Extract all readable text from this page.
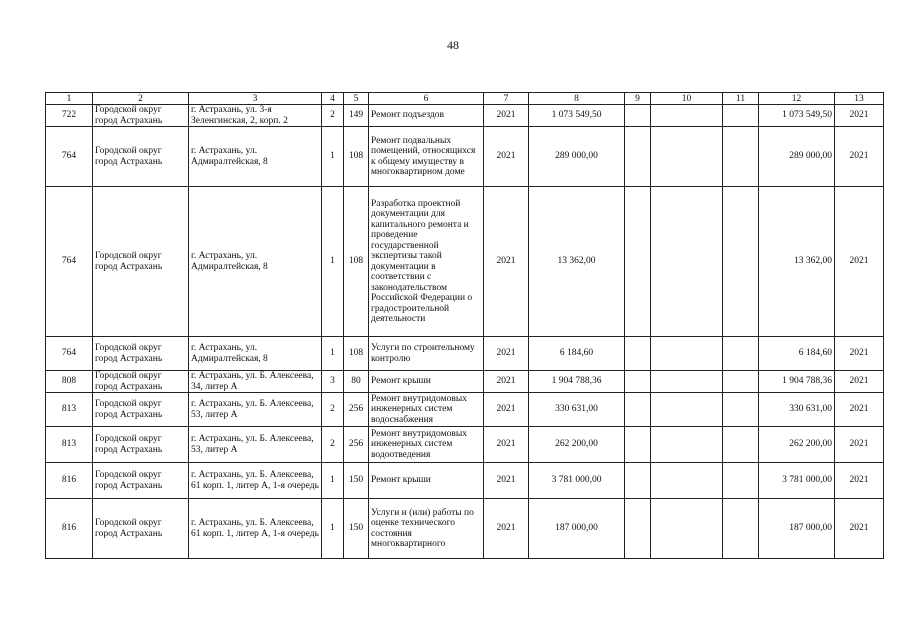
48
1	2	3	4	5	6	7	8	9	10	11	12	13
722	Городской округ город Астрахань	г. Астрахань, ул. 3-я Зеленгинская, 2, корп. 2	2	149	Ремонт подъездов	2021	1 073 549,50				1 073 549,50	2021
764	Городской округ город Астрахань	г. Астрахань, ул. Адмиралтейская, 8	1	108	Ремонт подвальных помещений, относящихся к общему имуществу в многоквартирном доме	2021	289 000,00				289 000,00	2021
764	Городской округ город Астрахань	г. Астрахань, ул. Адмиралтейская, 8	1	108	Разработка проектной документации для капитального ремонта и проведение государственной экспертизы такой документации в соответствии с законодательством Российской Федерации о градостроительной деятельности	2021	13 362,00				13 362,00	2021
764	Городской округ город Астрахань	г. Астрахань, ул. Адмиралтейская, 8	1	108	Услуги по строительному контролю	2021	6 184,60				6 184,60	2021
808	Городской округ город Астрахань	г. Астрахань, ул. Б. Алексеева, 34, литер А	3	80	Ремонт крыши	2021	1 904 788,36				1 904 788,36	2021
813	Городской округ город Астрахань	г. Астрахань, ул. Б. Алексеева, 53, литер А	2	256	Ремонт внутридомовых инженерных систем водоснабжения	2021	330 631,00				330 631,00	2021
813	Городской округ город Астрахань	г. Астрахань, ул. Б. Алексеева, 53, литер А	2	256	Ремонт внутридомовых инженерных систем водоотведения	2021	262 200,00				262 200,00	2021
816	Городской округ город Астрахань	г. Астрахань, ул. Б. Алексеева, 61 корп. 1, литер А, 1-я очередь	1	150	Ремонт крыши	2021	3 781 000,00				3 781 000,00	2021
816	Городской округ город Астрахань	г. Астрахань, ул. Б. Алексеева, 61 корп. 1, литер А, 1-я очередь	1	150	Услуги и (или) работы по оценке технического состояния многоквартирного	2021	187 000,00				187 000,00	2021
